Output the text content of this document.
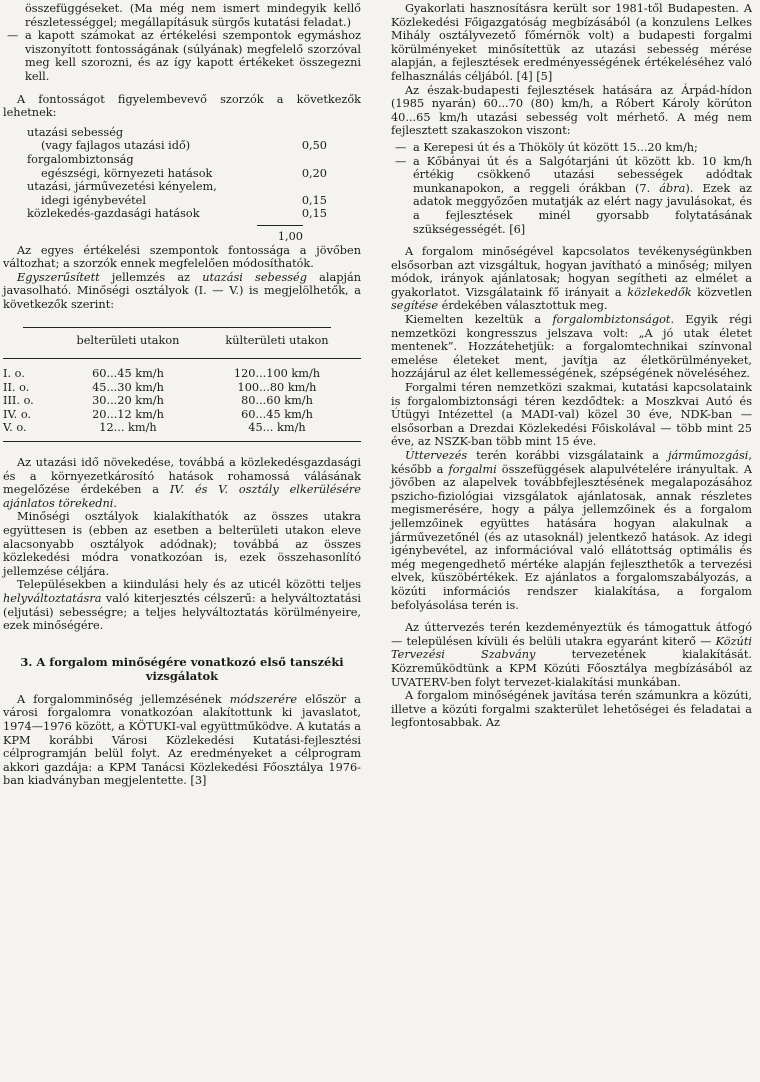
összefüggéseket. (Ma még nem ismert mindegyik kellő részletességgel; megállapításuk sürgős kutatási feladat.)

— a kapott számokat az értékelési szempontok egymáshoz viszonyított fontosságának (súlyának) megfelelő szorzóval meg kell szorozni, és az így kapott értékeket összegezni kell.

A fontosságot figyelembevevő szorzók a következők lehetnek:

utazási sebesség	
(vagy fajlagos utazási idő)	0,50
forgalombiztonság	
egészségi, környezeti hatások	0,20
utazási, járművezetési kényelem,	
idegi igénybevétel	0,15
közlekedés-gazdasági hatások	0,15
1,00

Az egyes értékelési szempontok fontossága a jövőben változhat; a szorzók ennek megfelelően módosíthatók.

Egyszerűsített jellemzés az utazási sebesség alapján javasolható. Minőségi osztályok (I. — V.) is megjelölhetők, a következők szerint:

	belterületi utakon	külterületi utakon
I. o.	60...45 km/h	120...100 km/h
II. o.	45...30 km/h	100...80 km/h
III. o.	30...20 km/h	80...60 km/h
IV. o.	20...12 km/h	60...45 km/h
V. o.	12... km/h	45... km/h

Az utazási idő növekedése, továbbá a közlekedésgazdasági és a környezetkárosító hatások rohamossá válásának megelőzése érdekében a IV. és V. osztály elkerülésére ajánlatos törekedni.

Minőségi osztályok kialakíthatók az összes utakra együttesen is (ebben az esetben a belterületi utakon eleve alacsonyabb osztályok adódnak); továbbá az összes közlekedési módra vonatkozóan is, ezek összehasonlító jellemzése céljára.

Településekben a kiindulási hely és az uticél közötti teljes helyváltoztatásra való kiterjesztés célszerű: a helyváltoztatási (eljutási) sebességre; a teljes helyváltoztatás körülményeire, ezek minőségére.

3. A forgalom minőségére vonatkozó első tanszéki vizsgálatok

A forgalomminőség jellemzésének módszerére először a városi forgalomra vonatkozóan alakítottunk ki javaslatot, 1974—1976 között, a KÖTUKI-val együttműködve. A kutatás a KPM korábbi Városi Közlekedési Kutatási-fejlesztési célprogramján belül folyt. Az eredményeket a célprogram akkori gazdája: a KPM Tanácsi Közlekedési Főosztálya 1976-ban kiadványban megjelentette. [3]

Gyakorlati hasznosításra került sor 1981-től Budapesten. A Közlekedési Főigazgatóság megbízásából (a konzulens Lelkes Mihály osztályvezető főmérnök volt) a budapesti forgalmi körülményeket minősítettük az utazási sebesség mérése alapján, a fejlesztések eredményességének értékeléséhez való felhasználás céljából. [4] [5]

Az észak-budapesti fejlesztések hatására az Árpád-hídon (1985 nyarán) 60...70 (80) km/h, a Róbert Károly körúton 40...65 km/h utazási sebesség volt mérhető. A még nem fejlesztett szakaszokon viszont:

— a Kerepesi út és a Thököly út között 15...20 km/h;
— a Kőbányai út és a Salgótarjáni út között kb. 10 km/h értékig csökkenő utazási sebességek adódtak munkanapokon, a reggeli órákban (7. ábra). Ezek az adatok meggyőzően mutatják az elért nagy javulásokat, és a fejlesztések minél gyorsabb folytatásának szükségességét. [6]

A forgalom minőségével kapcsolatos tevékenységünkben elsősorban azt vizsgáltuk, hogyan javítható a minőség; milyen módok, irányok ajánlatosak; hogyan segítheti az elmélet a gyakorlatot. Vizsgálataink fő irányait a közlekedők közvetlen segítése érdekében választottuk meg.

Kiemelten kezeltük a forgalombiztonságot. Egyik régi nemzetközi kongresszus jelszava volt: „A jó utak életet mentenek”. Hozzátehetjük: a forgalomtechnikai színvonal emelése életeket ment, javítja az életkörülményeket, hozzájárul az élet kellemességének, szépségének növeléséhez.

Forgalmi téren nemzetközi szakmai, kutatási kapcsolataink is forgalombiztonsági téren kezdődtek: a Moszkvai Autó és Útügyi Intézettel (a MADI-val) közel 30 éve, NDK-ban — elsősorban a Drezdai Közlekedési Főiskolával — több mint 25 éve, az NSZK-ban több mint 15 éve.

Úttervezés terén korábbi vizsgálataink a járműmozgási, később a forgalmi összefüggések alapulvételére irányultak. A jövőben az alapelvek továbbfejlesztésének megalapozásához pszicho-fiziológiai vizsgálatok ajánlatosak, annak részletes megismerésére, hogy a pálya jellemzőinek és a forgalom jellemzőinek együttes hatására hogyan alakulnak a járművezetőnél (és az utasoknál) jelentkező hatások. Az idegi igénybevétel, az információval való ellátottság optimális és még megengedhető mértéke alapján fejleszthetők a tervezési elvek, küszöbértékek. Ez ajánlatos a forgalomszabályozás, a közúti információs rendszer kialakítása, a forgalom befolyásolása terén is.

Az úttervezés terén kezdeményeztük és támogattuk átfogó — településen kívüli és belüli utakra egyaránt kiterő — Közúti Tervezési Szabvány tervezetének kialakítását. Közreműködtünk a KPM Közúti Főosztálya megbízásából az UVATERV-ben folyt tervezet-kialakítási munkában.

A forgalom minőségének javítása terén számunkra a közúti, illetve a közúti forgalmi szakterület lehetőségei és feladatai a legfontosabbak. Az
